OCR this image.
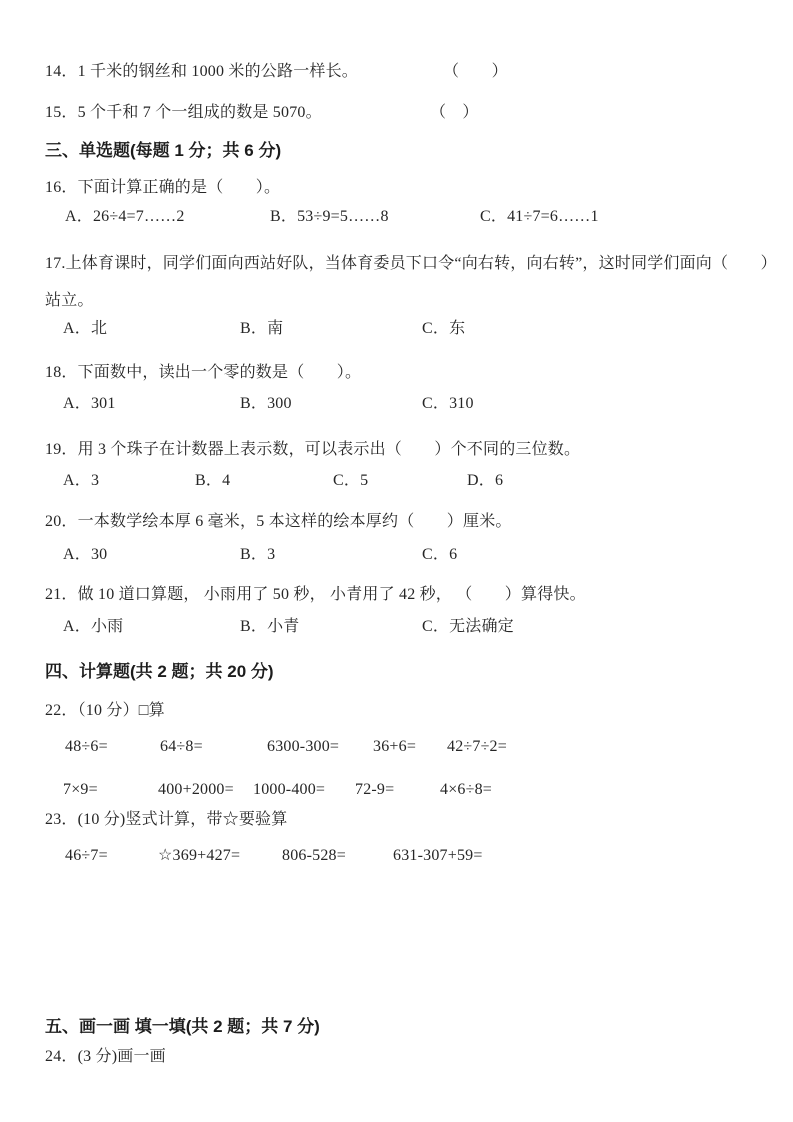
14．1 千米的钢丝和 1000 米的公路一样长。	（　　）
15．5 个千和 7 个一组成的数是 5070。	（　）
三、单选题(每题 1 分；共 6 分)
16．下面计算正确的是（　　）。
A．26÷4=7……2	B．53÷9=5……8	C．41÷7=6……1
17.上体育课时，同学们面向西站好队，当体育委员下口令“向右转，向右转”，这时同学们面向（　　）
站立。
A．北	B．南	C．东
18．下面数中，读出一个零的数是（　　）。
A．301	B．300	C．310
19．用 3 个珠子在计数器上表示数，可以表示出（　　）个不同的三位数。
A．3	B．4	C．5	D．6
20．一本数学绘本厚 6 毫米，5 本这样的绘本厚约（　　）厘米。
A．30	B．3	C．6
21．做 10 道口算题， 小雨用了 50 秒， 小青用了 42 秒， （　　）算得快。
A．小雨	B．小青	C．无法确定
四、计算题(共 2 题；共 20 分)
22．（10 分）□算
48÷6=	64÷8=	6300-300= 36+6= 42÷7÷2=
7×9=	400+2000= 1000-400= 72-9=	4×6÷8=
23．(10 分)竖式计算，带☆要验算
46÷7=	☆369+427=	806-528=	631-307+59=
五、画一画 填一填(共 2 题；共 7 分)
24．(3 分)画一画
